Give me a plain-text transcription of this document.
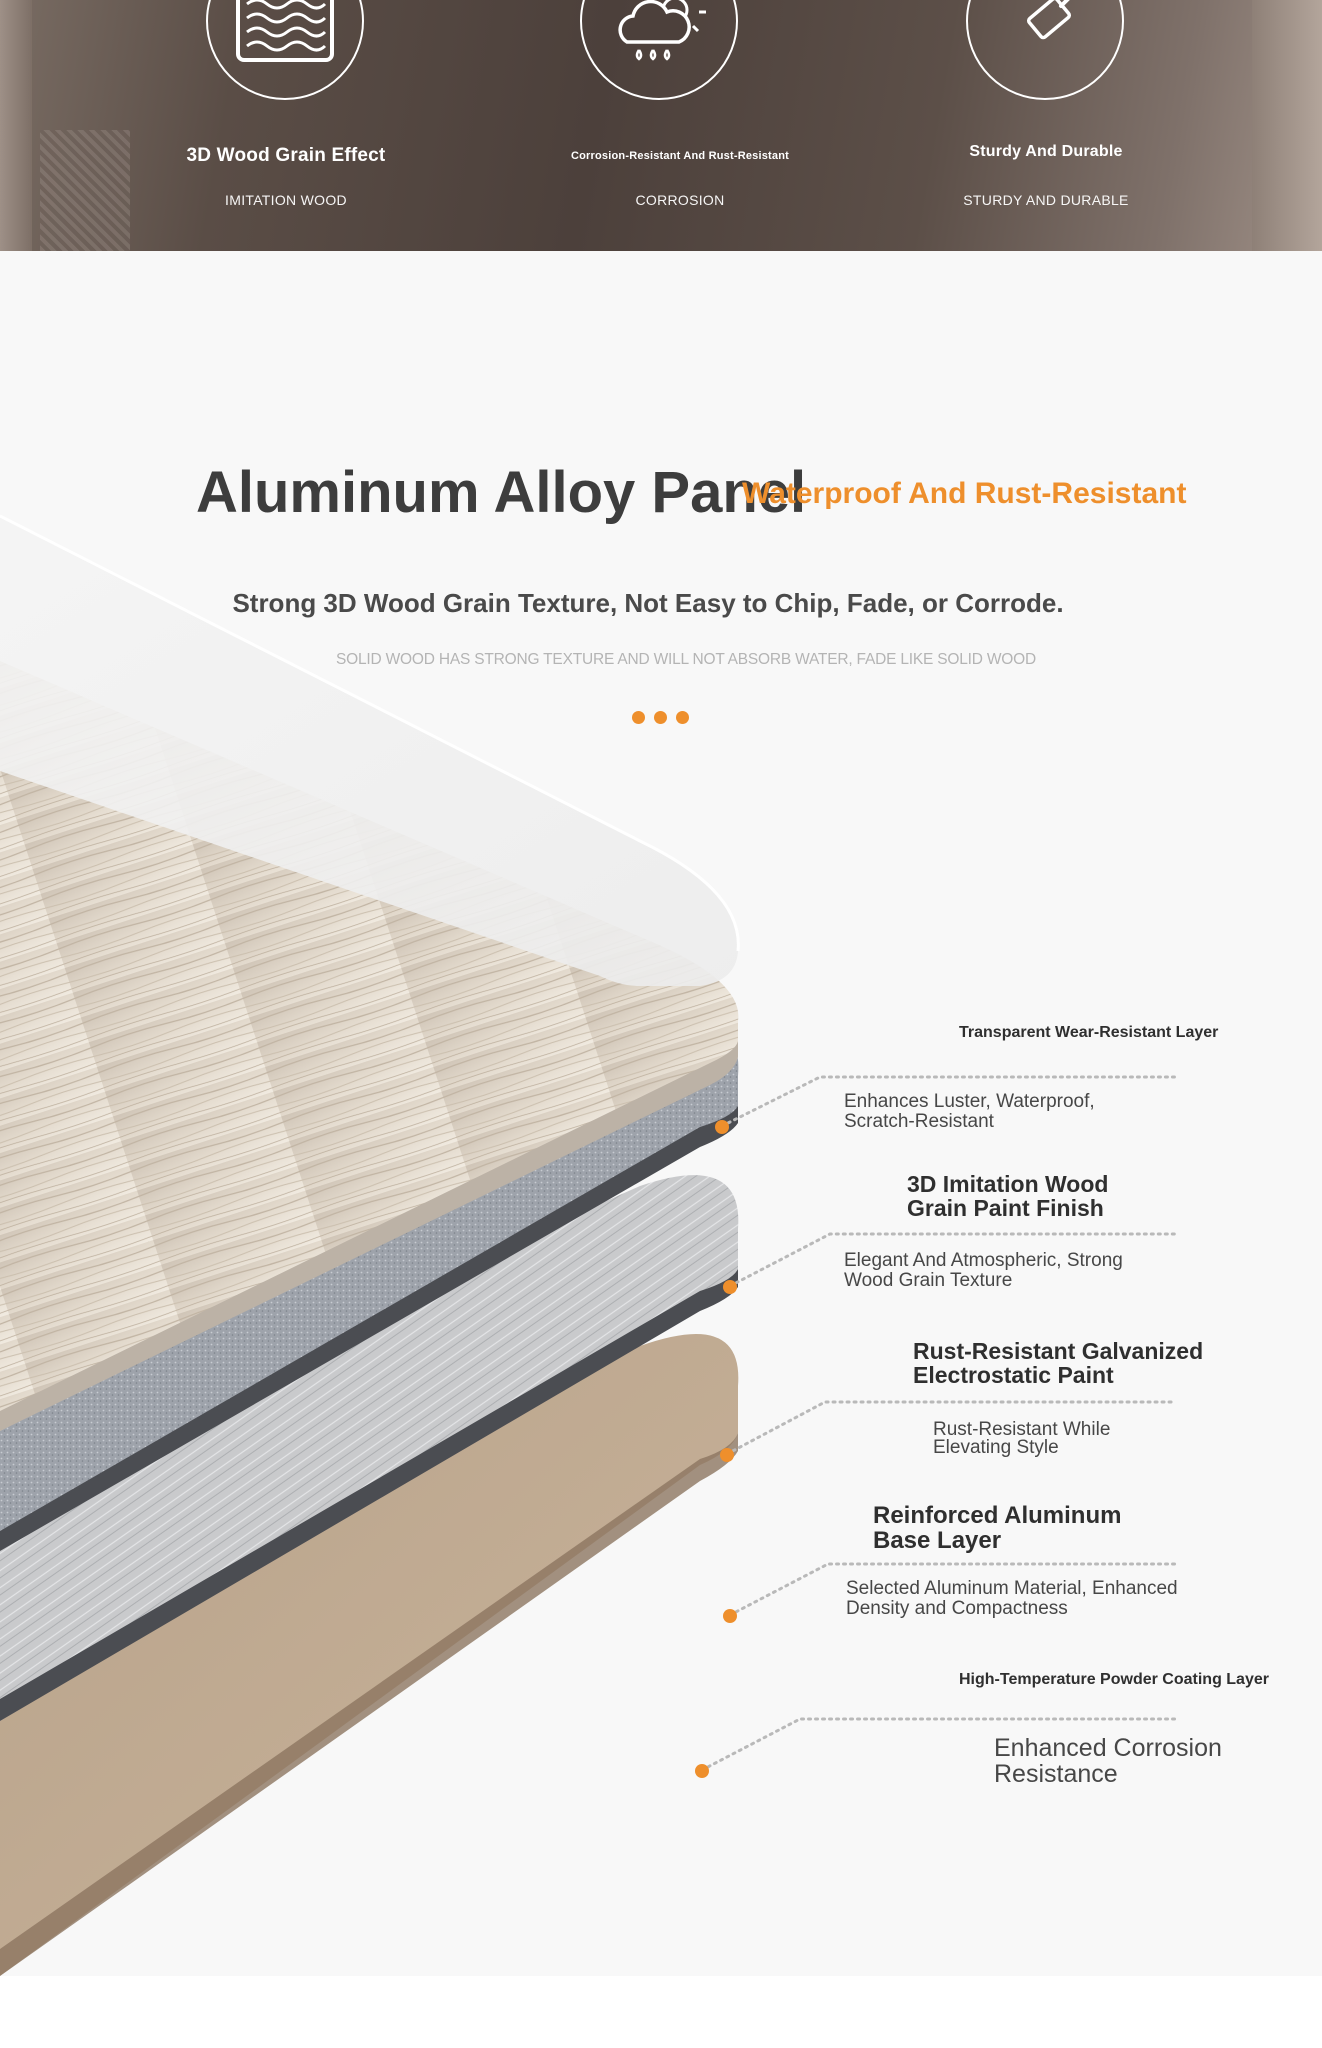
3D Wood Grain Effect
IMITATION WOOD
Corrosion-Resistant And Rust-Resistant
CORROSION
Sturdy And Durable
STURDY AND DURABLE
Aluminum Alloy Panel
Waterproof And Rust-Resistant
Strong 3D Wood Grain Texture, Not Easy to Chip, Fade, or Corrode.
SOLID WOOD HAS STRONG TEXTURE AND WILL NOT ABSORB WATER, FADE LIKE SOLID WOOD
Transparent Wear-Resistant Layer
Enhances Luster, Waterproof,
Scratch-Resistant
3D Imitation Wood
Grain Paint Finish
Elegant And Atmospheric, Strong
Wood Grain Texture
Rust-Resistant Galvanized
Electrostatic Paint
Rust-Resistant While
Elevating Style
Reinforced Aluminum
Base Layer
Selected Aluminum Material, Enhanced
Density and Compactness
High-Temperature Powder Coating Layer
Enhanced Corrosion
Resistance
